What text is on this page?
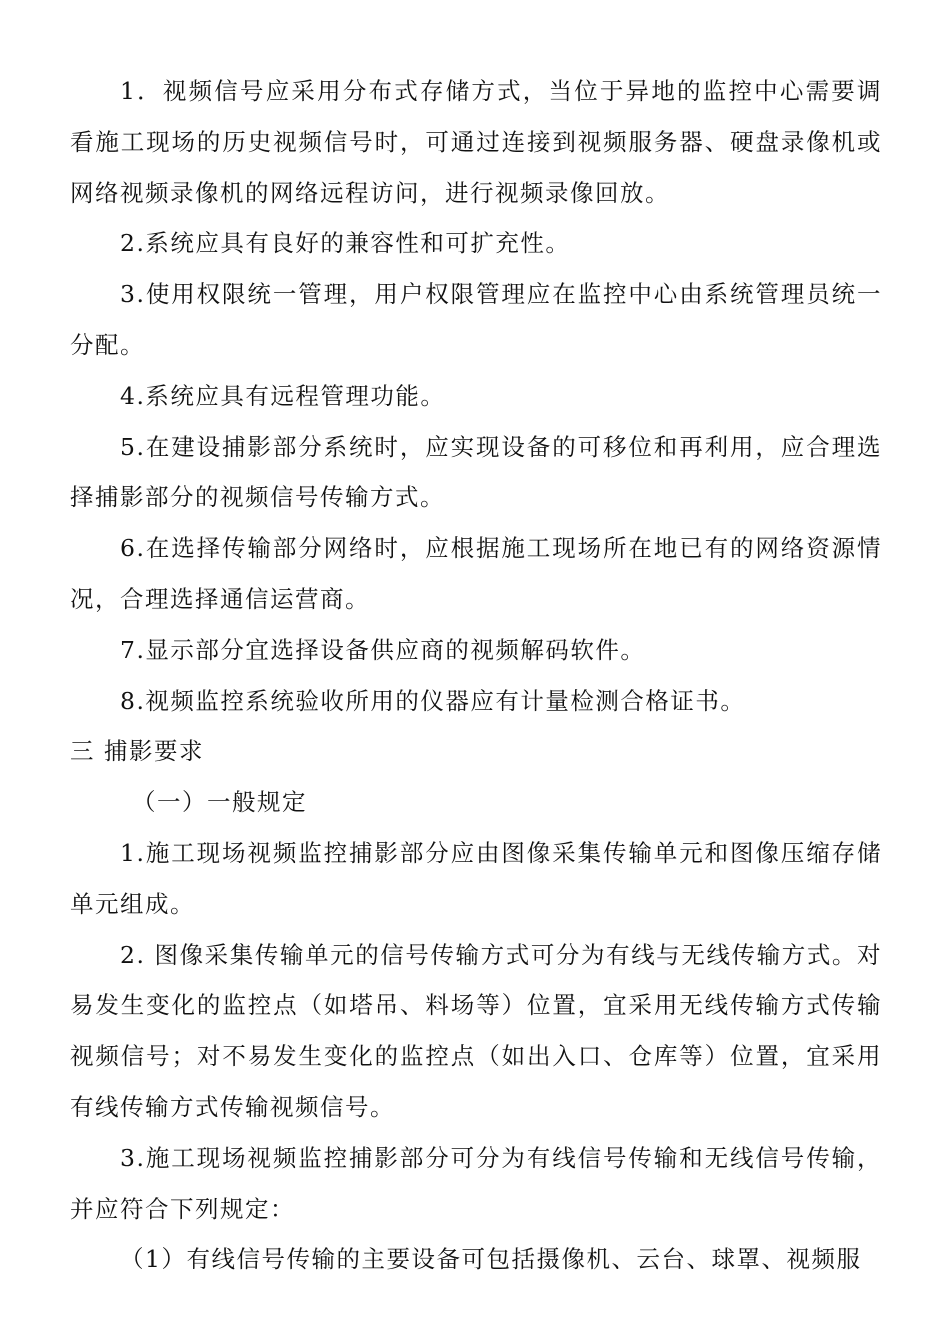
1．视频信号应采用分布式存储方式，当位于异地的监控中心需要调看施工现场的历史视频信号时，可通过连接到视频服务器、硬盘录像机或网络视频录像机的网络远程访问，进行视频录像回放。

2.系统应具有良好的兼容性和可扩充性。

3.使用权限统一管理，用户权限管理应在监控中心由系统管理员统一分配。

4.系统应具有远程管理功能。

5.在建设捕影部分系统时，应实现设备的可移位和再利用，应合理选择捕影部分的视频信号传输方式。

6.在选择传输部分网络时，应根据施工现场所在地已有的网络资源情况，合理选择通信运营商。

7.显示部分宜选择设备供应商的视频解码软件。

8.视频监控系统验收所用的仪器应有计量检测合格证书。

三 捕影要求

（一）一般规定

1.施工现场视频监控捕影部分应由图像采集传输单元和图像压缩存储单元组成。

2. 图像采集传输单元的信号传输方式可分为有线与无线传输方式。对易发生变化的监控点（如塔吊、料场等）位置，宜采用无线传输方式传输视频信号；对不易发生变化的监控点（如出入口、仓库等）位置，宜采用有线传输方式传输视频信号。

3.施工现场视频监控捕影部分可分为有线信号传输和无线信号传输，并应符合下列规定：

（1）有线信号传输的主要设备可包括摄像机、云台、球罩、视频服
